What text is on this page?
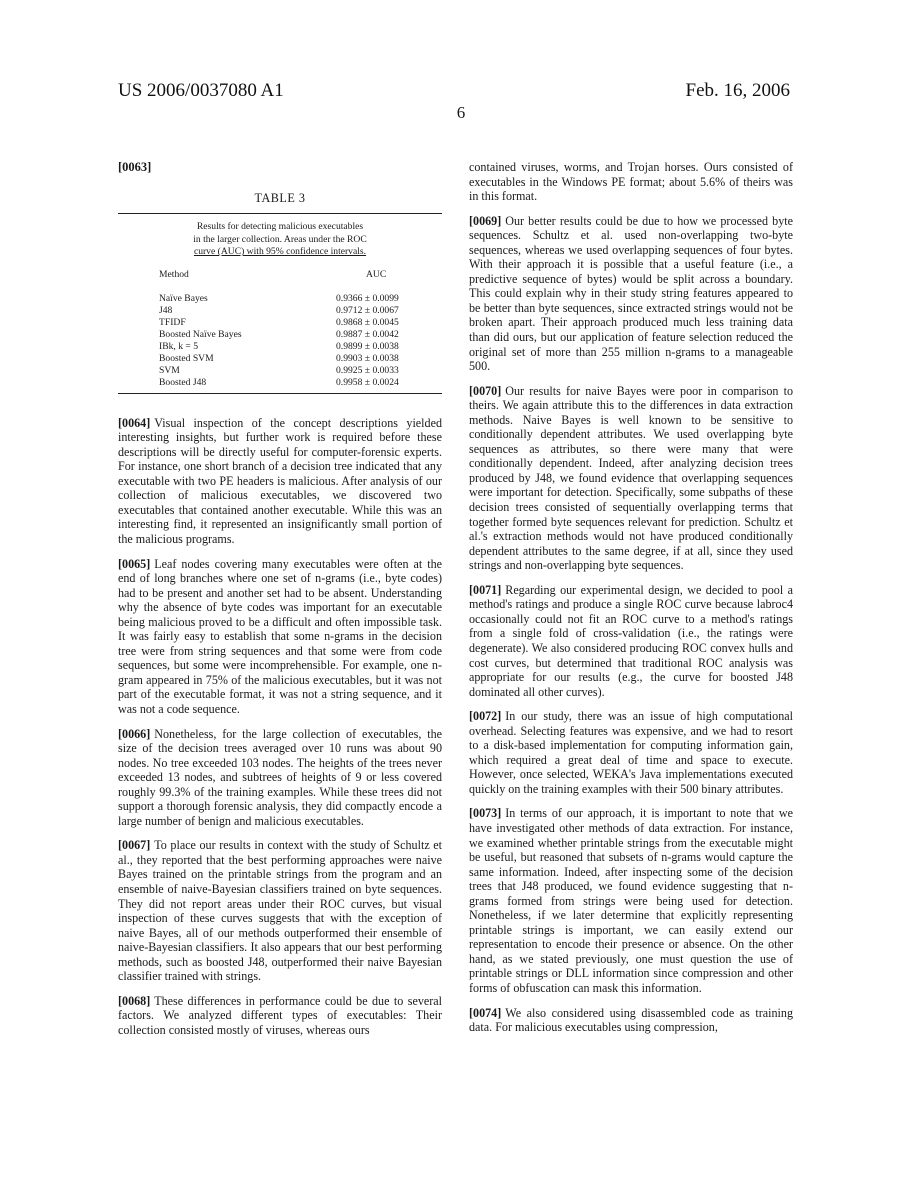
US 2006/0037080 A1	Feb. 16, 2006
6
[0063]
TABLE 3
Results for detecting malicious executables
in the larger collection. Areas under the ROC
curve (AUC) with 95% confidence intervals.
Method	AUC
Naïve Bayes	0.9366 ± 0.0099
J48	0.9712 ± 0.0067
TFIDF	0.9868 ± 0.0045
Boosted Naïve Bayes	0.9887 ± 0.0042
IBk, k = 5	0.9899 ± 0.0038
Boosted SVM	0.9903 ± 0.0038
SVM	0.9925 ± 0.0033
Boosted J48	0.9958 ± 0.0024

[0064] Visual inspection of the concept descriptions yielded interesting insights, but further work is required before these descriptions will be directly useful for computer-forensic experts. For instance, one short branch of a decision tree indicated that any executable with two PE headers is malicious. After analysis of our collection of malicious executables, we discovered two executables that contained another executable. While this was an interesting find, it represented an insignificantly small portion of the malicious programs.

[0065] Leaf nodes covering many executables were often at the end of long branches where one set of n-grams (i.e., byte codes) had to be present and another set had to be absent. Understanding why the absence of byte codes was important for an executable being malicious proved to be a difficult and often impossible task. It was fairly easy to establish that some n-grams in the decision tree were from string sequences and that some were from code sequences, but some were incomprehensible. For example, one n-gram appeared in 75% of the malicious executables, but it was not part of the executable format, it was not a string sequence, and it was not a code sequence.

[0066] Nonetheless, for the large collection of executables, the size of the decision trees averaged over 10 runs was about 90 nodes. No tree exceeded 103 nodes. The heights of the trees never exceeded 13 nodes, and subtrees of heights of 9 or less covered roughly 99.3% of the training examples. While these trees did not support a thorough forensic analysis, they did compactly encode a large number of benign and malicious executables.

[0067] To place our results in context with the study of Schultz et al., they reported that the best performing approaches were naive Bayes trained on the printable strings from the program and an ensemble of naive-Bayesian classifiers trained on byte sequences. They did not report areas under their ROC curves, but visual inspection of these curves suggests that with the exception of naive Bayes, all of our methods outperformed their ensemble of naive-Bayesian classifiers. It also appears that our best performing methods, such as boosted J48, outperformed their naive Bayesian classifier trained with strings.

[0068] These differences in performance could be due to several factors. We analyzed different types of executables: Their collection consisted mostly of viruses, whereas ours

contained viruses, worms, and Trojan horses. Ours consisted of executables in the Windows PE format; about 5.6% of theirs was in this format.

[0069] Our better results could be due to how we processed byte sequences. Schultz et al. used non-overlapping two-byte sequences, whereas we used overlapping sequences of four bytes. With their approach it is possible that a useful feature (i.e., a predictive sequence of bytes) would be split across a boundary. This could explain why in their study string features appeared to be better than byte sequences, since extracted strings would not be broken apart. Their approach produced much less training data than did ours, but our application of feature selection reduced the original set of more than 255 million n-grams to a manageable 500.

[0070] Our results for naive Bayes were poor in comparison to theirs. We again attribute this to the differences in data extraction methods. Naive Bayes is well known to be sensitive to conditionally dependent attributes. We used overlapping byte sequences as attributes, so there were many that were conditionally dependent. Indeed, after analyzing decision trees produced by J48, we found evidence that overlapping sequences were important for detection. Specifically, some subpaths of these decision trees consisted of sequentially overlapping terms that together formed byte sequences relevant for prediction. Schultz et al.'s extraction methods would not have produced conditionally dependent attributes to the same degree, if at all, since they used strings and non-overlapping byte sequences.

[0071] Regarding our experimental design, we decided to pool a method's ratings and produce a single ROC curve because labroc4 occasionally could not fit an ROC curve to a method's ratings from a single fold of cross-validation (i.e., the ratings were degenerate). We also considered producing ROC convex hulls and cost curves, but determined that traditional ROC analysis was appropriate for our results (e.g., the curve for boosted J48 dominated all other curves).

[0072] In our study, there was an issue of high computational overhead. Selecting features was expensive, and we had to resort to a disk-based implementation for computing information gain, which required a great deal of time and space to execute. However, once selected, WEKA's Java implementations executed quickly on the training examples with their 500 binary attributes.

[0073] In terms of our approach, it is important to note that we have investigated other methods of data extraction. For instance, we examined whether printable strings from the executable might be useful, but reasoned that subsets of n-grams would capture the same information. Indeed, after inspecting some of the decision trees that J48 produced, we found evidence suggesting that n-grams formed from strings were being used for detection. Nonetheless, if we later determine that explicitly representing printable strings is important, we can easily extend our representation to encode their presence or absence. On the other hand, as we stated previously, one must question the use of printable strings or DLL information since compression and other forms of obfuscation can mask this information.

[0074] We also considered using disassembled code as training data. For malicious executables using compression,
